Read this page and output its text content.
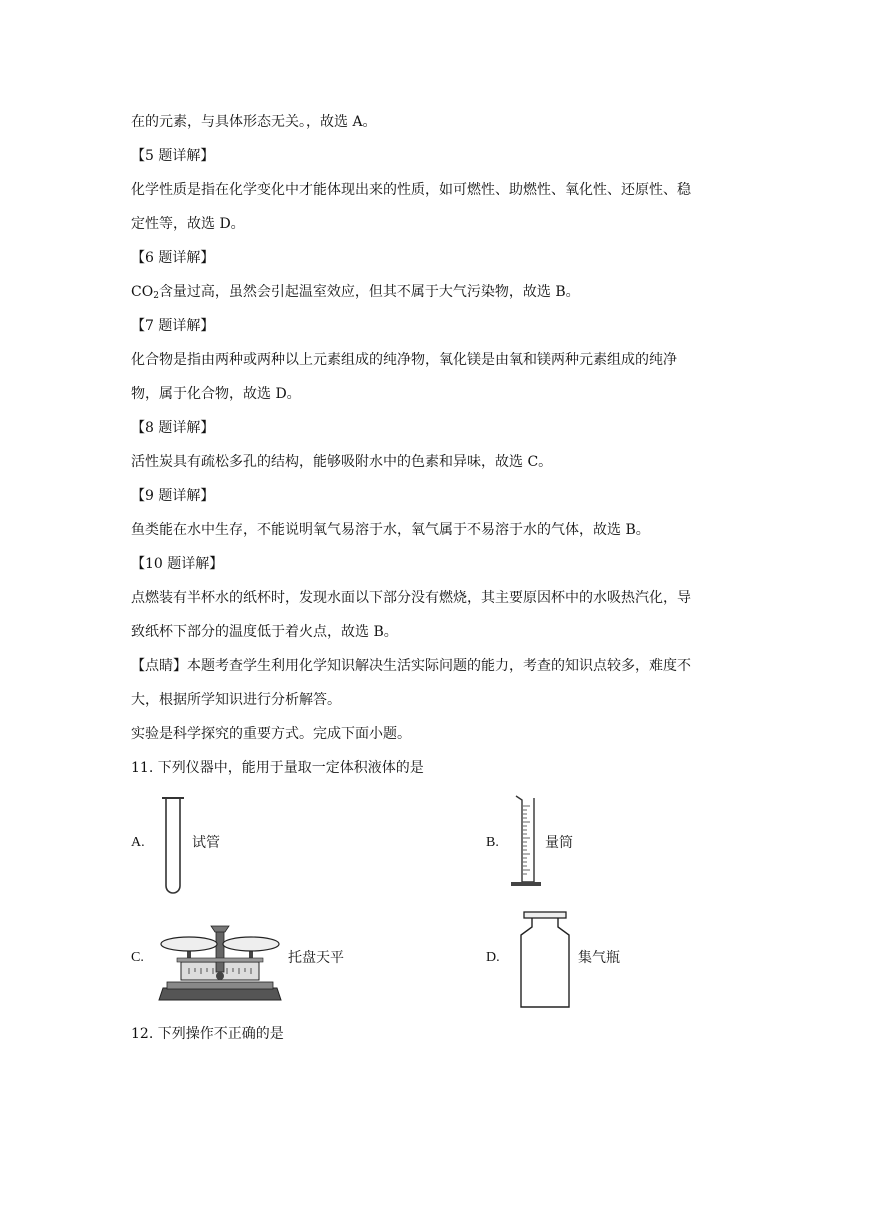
在的元素，与具体形态无关。，故选 A。
【5 题详解】
化学性质是指在化学变化中才能体现出来的性质，如可燃性、助燃性、氧化性、还原性、稳
定性等，故选 D。
【6 题详解】
$CO_2$含量过高，虽然会引起温室效应，但其不属于大气污染物，故选 B。
【7 题详解】
化合物是指由两种或两种以上元素组成的纯净物，氧化镁是由氧和镁两种元素组成的纯净
物，属于化合物，故选 D。
【8 题详解】
活性炭具有疏松多孔的结构，能够吸附水中的色素和异味，故选 C。
【9 题详解】
鱼类能在水中生存，不能说明氧气易溶于水，氧气属于不易溶于水的气体，故选 B。
【10 题详解】
点燃装有半杯水的纸杯时，发现水面以下部分没有燃烧，其主要原因杯中的水吸热汽化，导
致纸杯下部分的温度低于着火点，故选 B。
【点睛】本题考查学生利用化学知识解决生活实际问题的能力，考查的知识点较多，难度不
大，根据所学知识进行分析解答。
实验是科学探究的重要方式。完成下面小题。
11. 下列仪器中，能用于量取一定体积液体的是
A.	试管	B.	量筒
C.	托盘天平	D.	集气瓶
12. 下列操作不正确的是
